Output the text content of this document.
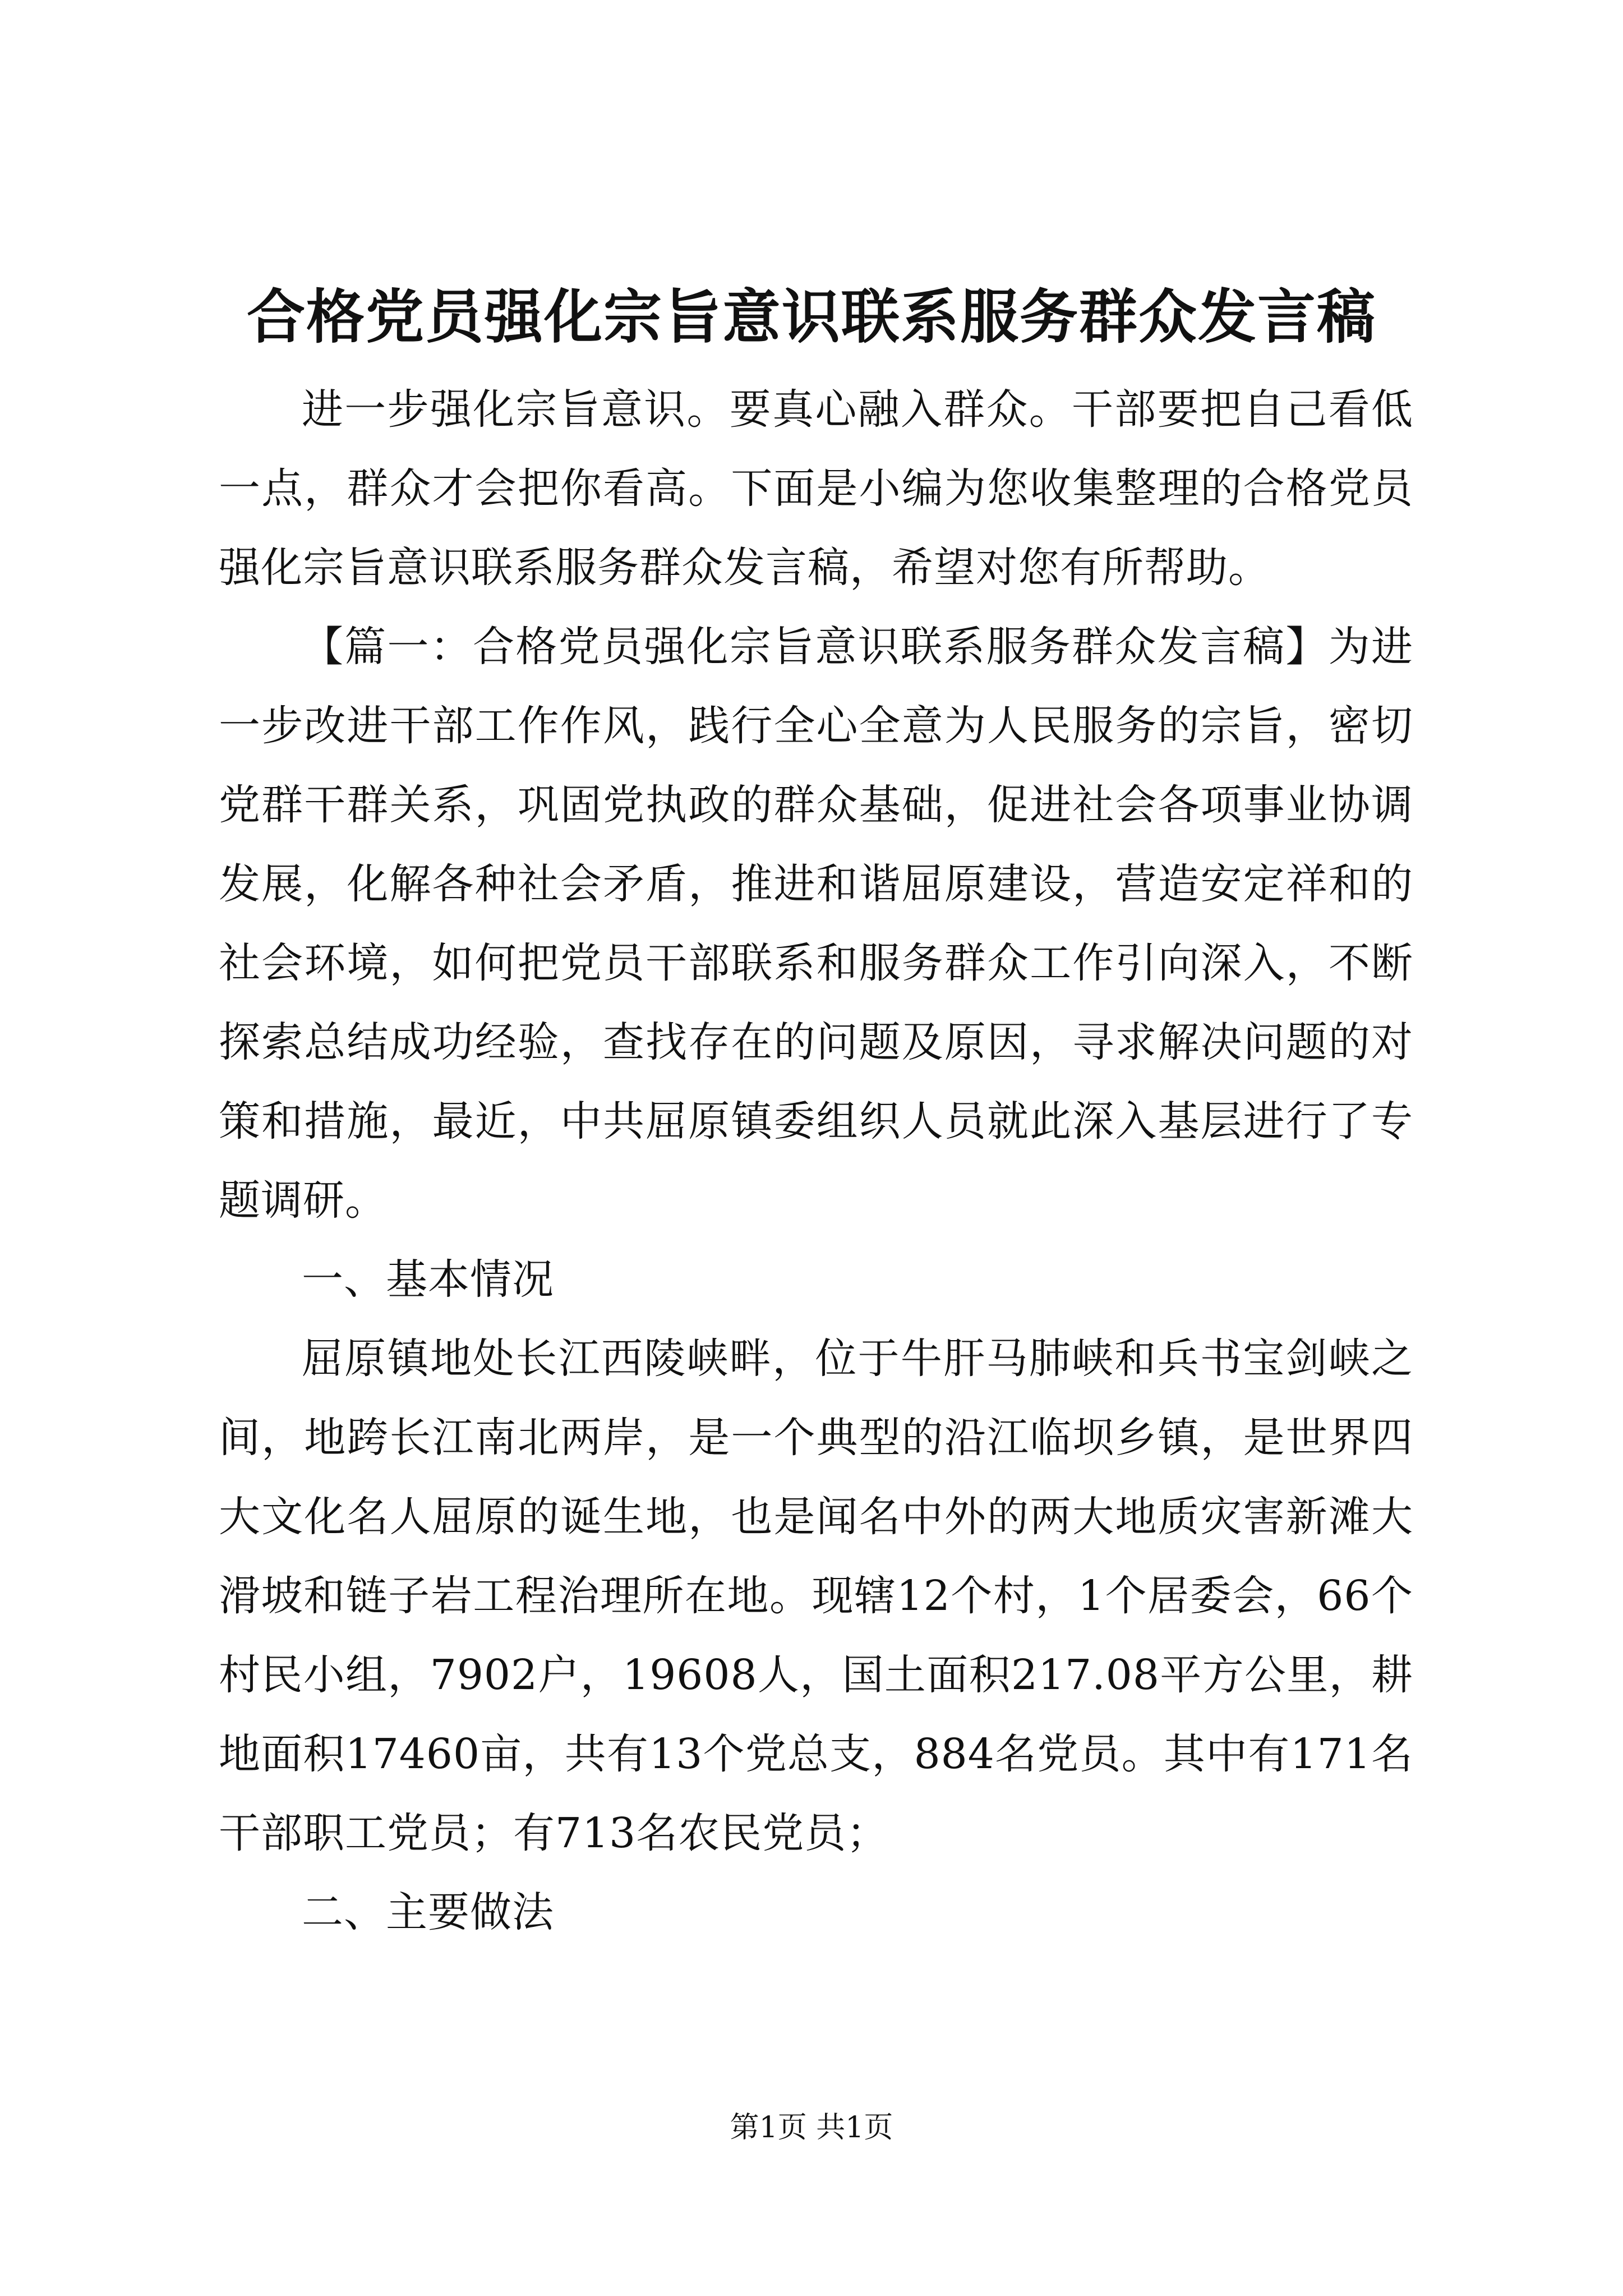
合格党员强化宗旨意识联系服务群众发言稿

进一步强化宗旨意识。要真心融入群众。干部要把自己看低一点，群众才会把你看高。下面是小编为您收集整理的合格党员强化宗旨意识联系服务群众发言稿，希望对您有所帮助。

【篇一：合格党员强化宗旨意识联系服务群众发言稿】为进一步改进干部工作作风，践行全心全意为人民服务的宗旨，密切党群干群关系，巩固党执政的群众基础，促进社会各项事业协调发展，化解各种社会矛盾，推进和谐屈原建设，营造安定祥和的社会环境，如何把党员干部联系和服务群众工作引向深入，不断探索总结成功经验，查找存在的问题及原因，寻求解决问题的对策和措施，最近，中共屈原镇委组织人员就此深入基层进行了专题调研。

一、基本情况

屈原镇地处长江西陵峡畔，位于牛肝马肺峡和兵书宝剑峡之间，地跨长江南北两岸，是一个典型的沿江临坝乡镇，是世界四大文化名人屈原的诞生地，也是闻名中外的两大地质灾害新滩大滑坡和链子岩工程治理所在地。现辖12个村，1个居委会，66个村民小组，7902户，19608人，国土面积217.08平方公里，耕地面积17460亩，共有13个党总支，884名党员。其中有171名干部职工党员；有713名农民党员；

二、主要做法

第1页 共1页
